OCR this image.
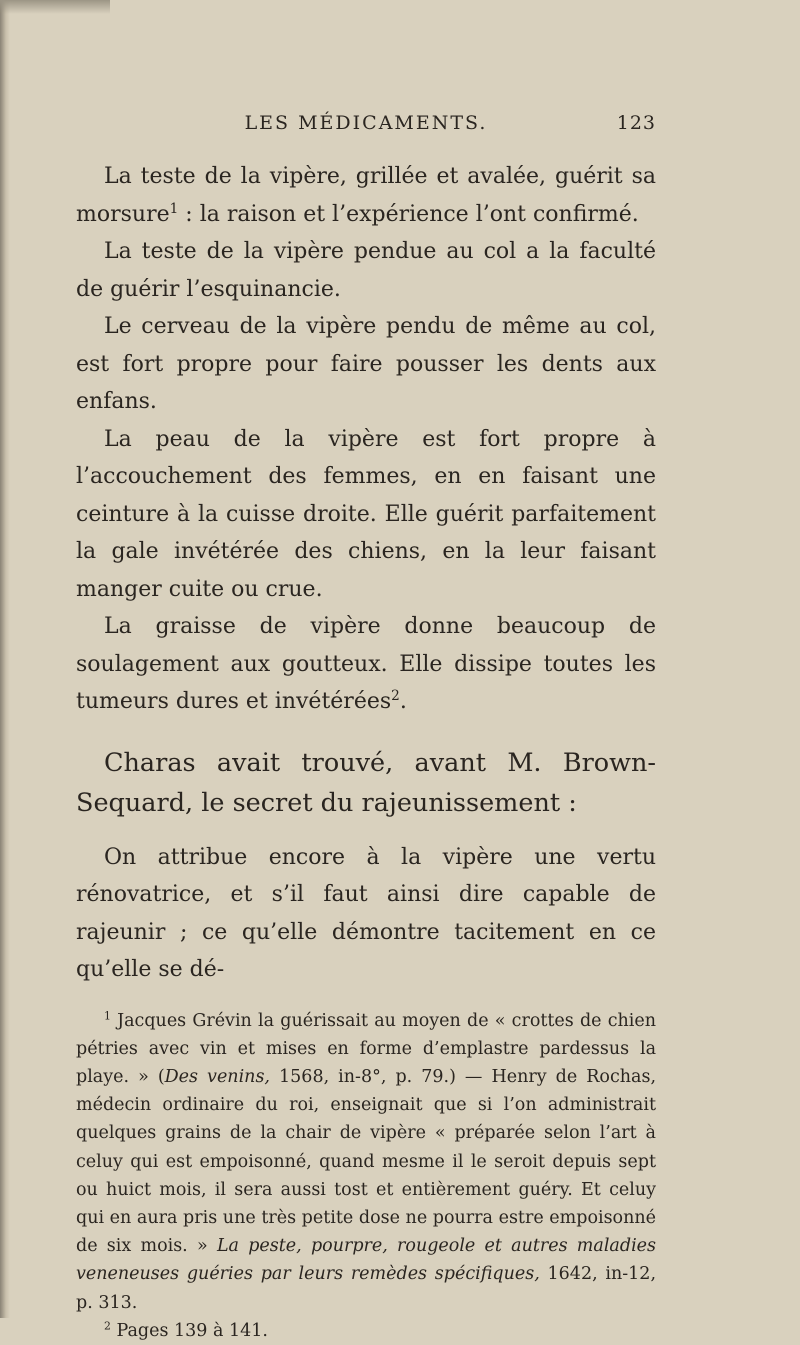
LES MÉDICAMENTS.	123

La teste de la vipère, grillée et avalée, guérit sa morsure$^1$ : la raison et l’expérience l’ont confirmé.

La teste de la vipère pendue au col a la faculté de guérir l’esquinancie.

Le cerveau de la vipère pendu de même au col, est fort propre pour faire pousser les dents aux enfans.

La peau de la vipère est fort propre à l’accouchement des femmes, en en faisant une ceinture à la cuisse droite. Elle guérit parfaitement la gale invétérée des chiens, en la leur faisant manger cuite ou crue.

La graisse de vipère donne beaucoup de soulagement aux goutteux. Elle dissipe toutes les tumeurs dures et invétérées$^2$.

Charas avait trouvé, avant M. Brown-Sequard, le secret du rajeunissement :

On attribue encore à la vipère une vertu rénovatrice, et s’il faut ainsi dire capable de rajeunir ; ce qu’elle démontre tacitement en ce qu’elle se dé-

$^1$ Jacques Grévin la guérissait au moyen de « crottes de chien pétries avec vin et mises en forme d’emplastre pardessus la playe. » (Des venins, 1568, in-8°, p. 79.) — Henry de Rochas, médecin ordinaire du roi, enseignait que si l’on administrait quelques grains de la chair de vipère « préparée selon l’art à celuy qui est empoisonné, quand mesme il le seroit depuis sept ou huict mois, il sera aussi tost et entièrement guéry. Et celuy qui en aura pris une très petite dose ne pourra estre empoisonné de six mois. » La peste, pourpre, rougeole et autres maladies veneneuses guéries par leurs remèdes spécifiques, 1642, in-12, p. 313.

$^2$ Pages 139 à 141.
